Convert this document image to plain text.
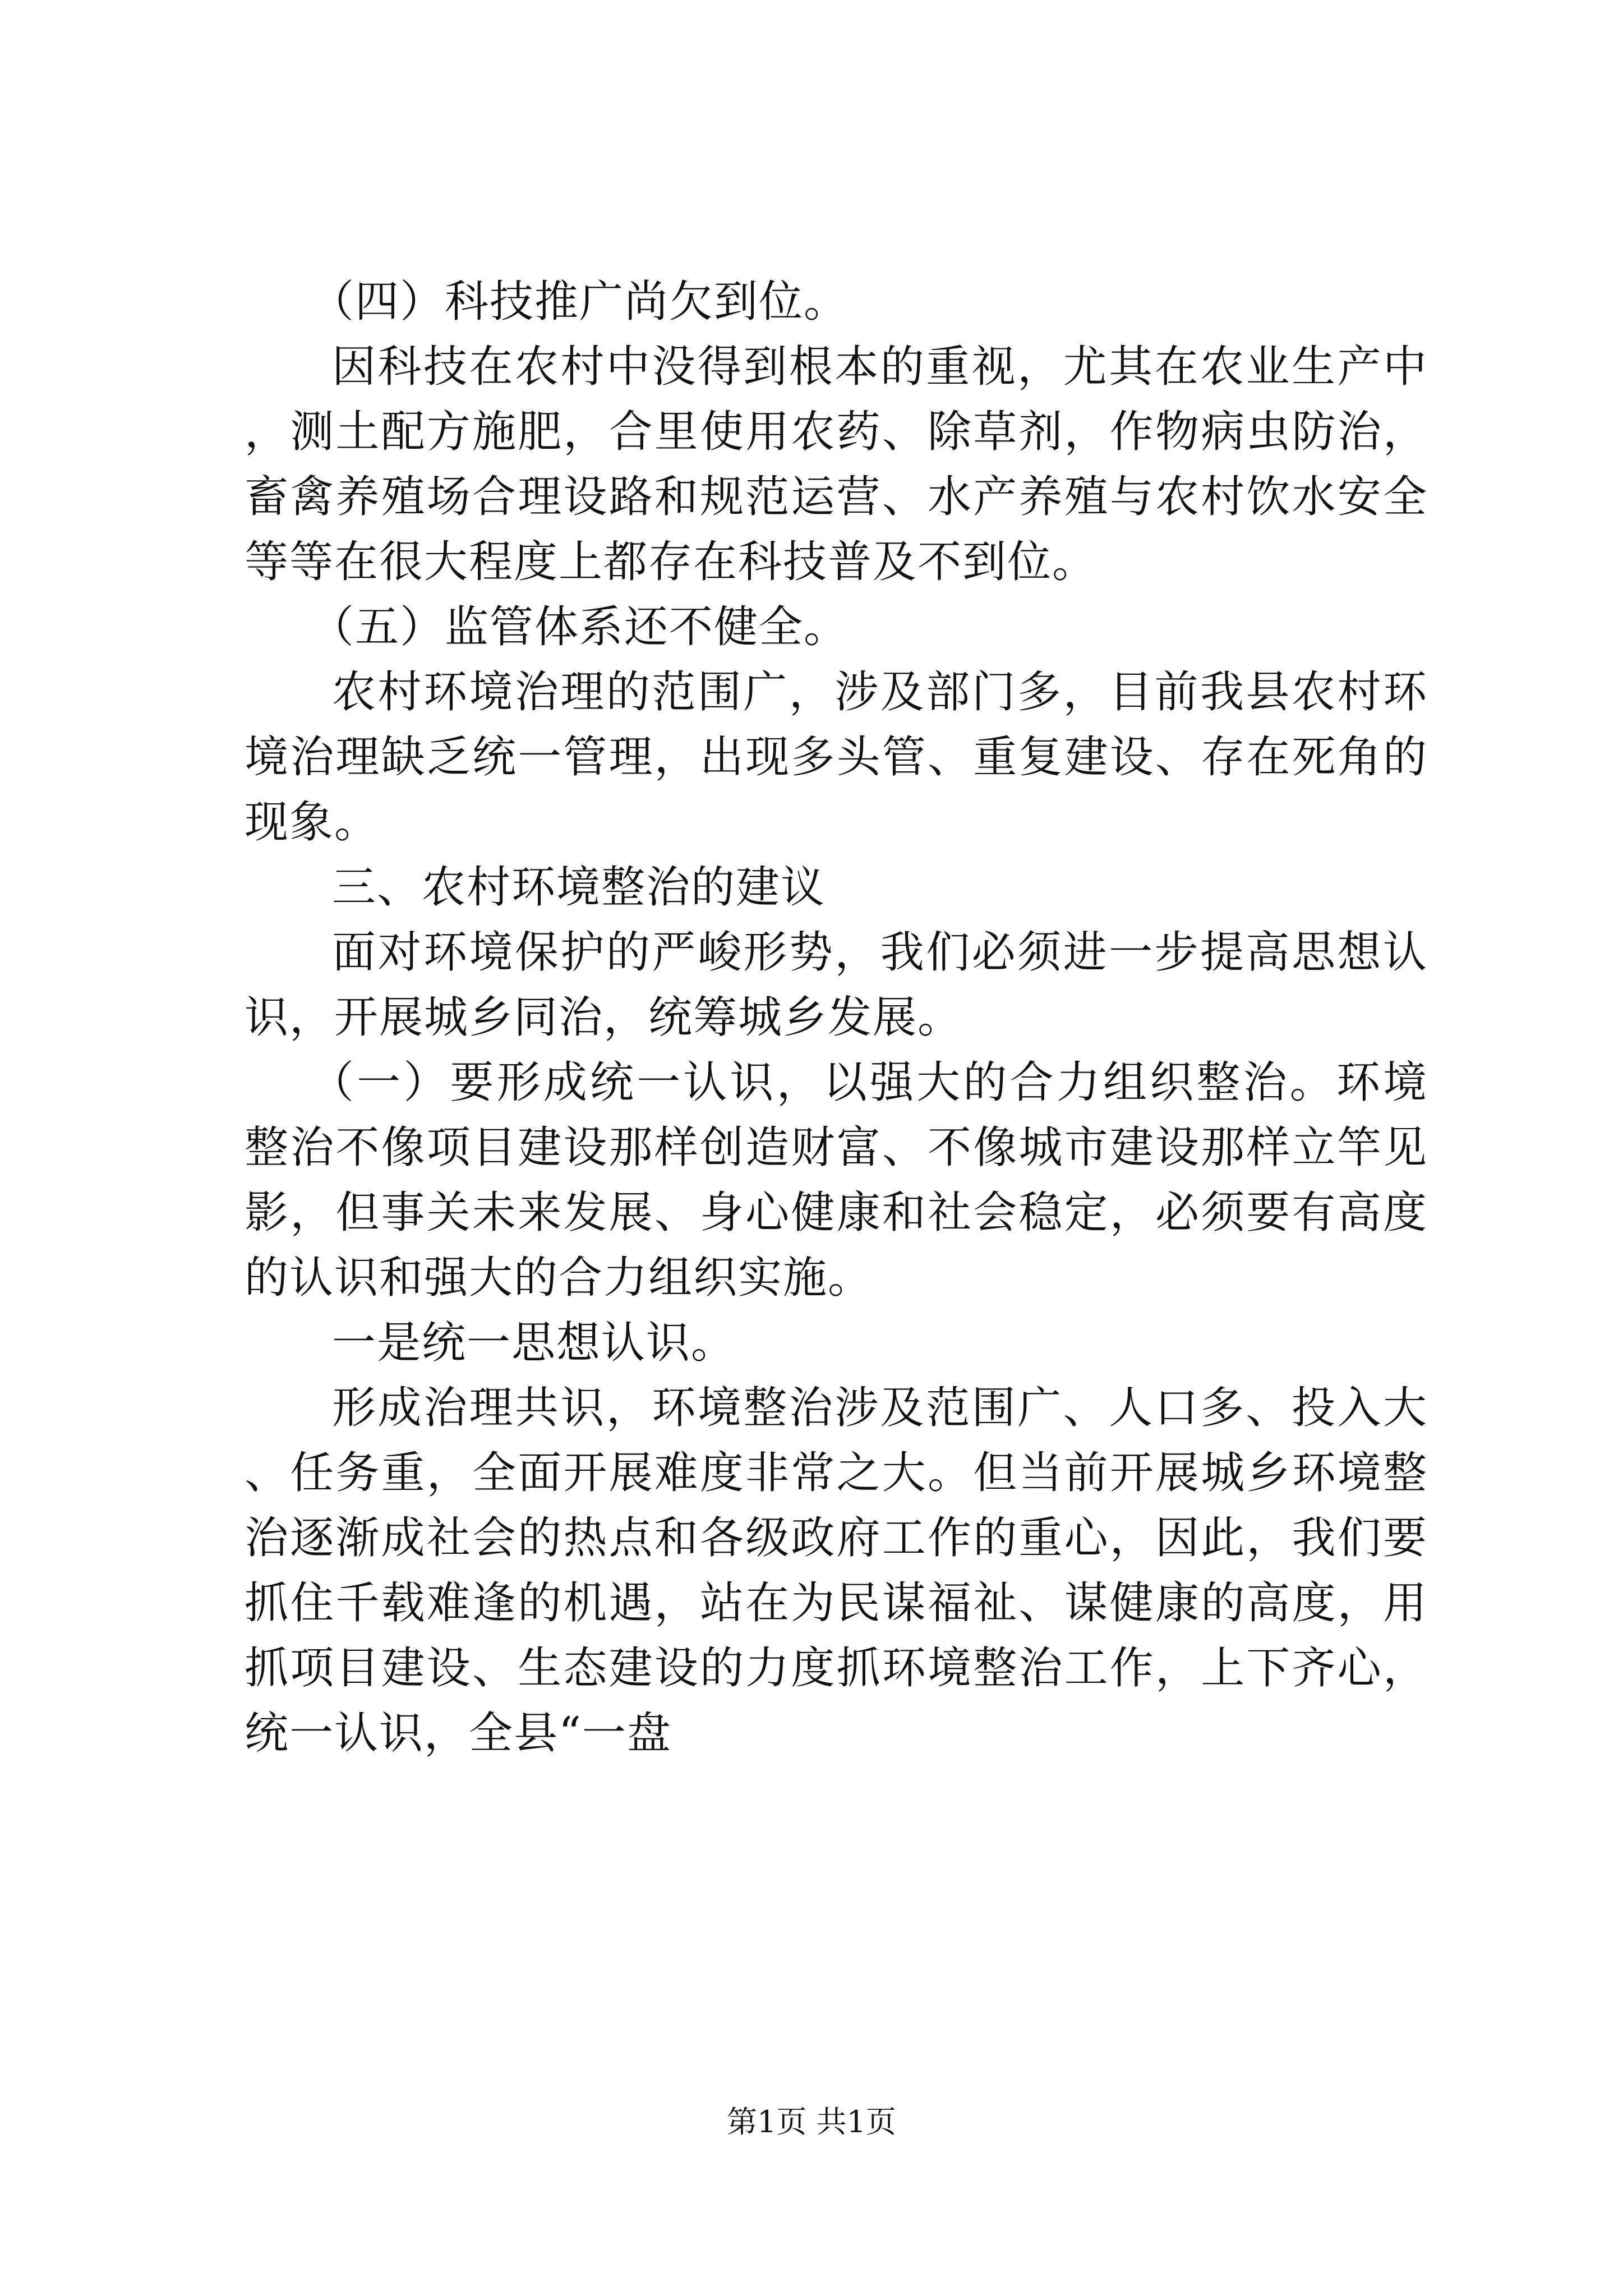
（四）科技推广尚欠到位。

因科技在农村中没得到根本的重视，尤其在农业生产中，测土配方施肥，合里使用农药、除草剂，作物病虫防治，畜禽养殖场合理设路和规范运营、水产养殖与农村饮水安全等等在很大程度上都存在科技普及不到位。

（五）监管体系还不健全。

农村环境治理的范围广，涉及部门多，目前我县农村环境治理缺乏统一管理，出现多头管、重复建设、存在死角的现象。

三、农村环境整治的建议

面对环境保护的严峻形势，我们必须进一步提高思想认识，开展城乡同治，统筹城乡发展。

（一）要形成统一认识，以强大的合力组织整治。环境整治不像项目建设那样创造财富、不像城市建设那样立竿见影，但事关未来发展、身心健康和社会稳定，必须要有高度的认识和强大的合力组织实施。

一是统一思想认识。

形成治理共识，环境整治涉及范围广、人口多、投入大、任务重，全面开展难度非常之大。但当前开展城乡环境整治逐渐成社会的热点和各级政府工作的重心，因此，我们要抓住千载难逢的机遇，站在为民谋福祉、谋健康的高度，用抓项目建设、生态建设的力度抓环境整治工作，上下齐心，统一认识，全县“一盘

第1页 共1页
